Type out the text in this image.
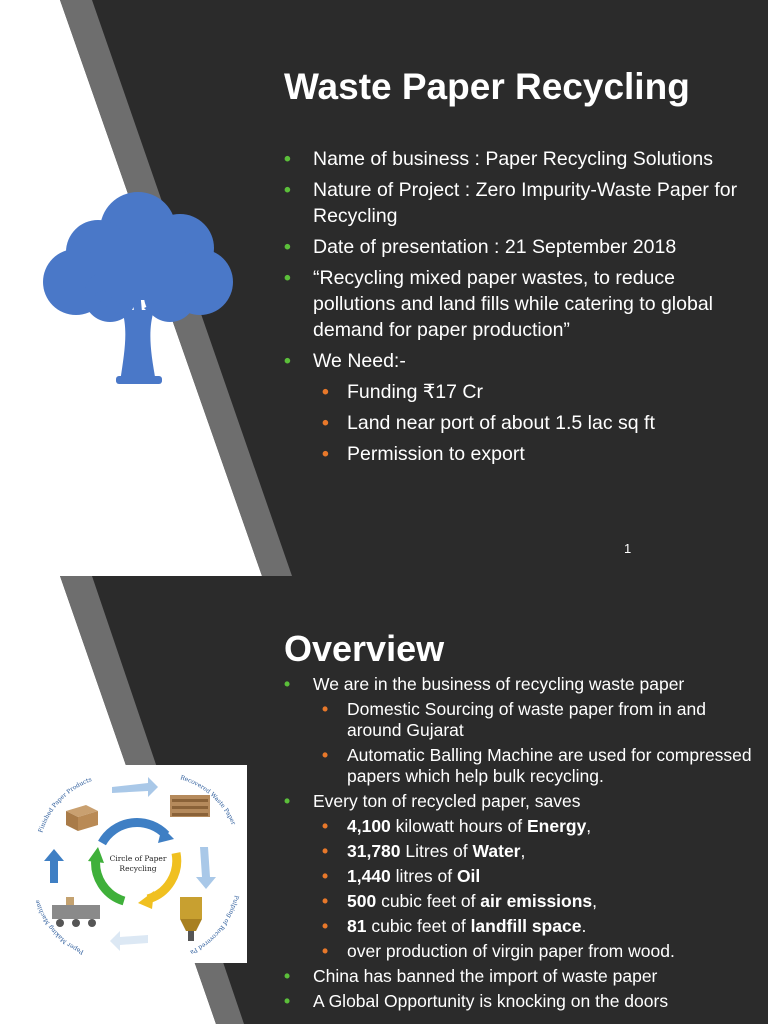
Waste Paper Recycling
• Name of business : Paper Recycling Solutions
• Nature of Project : Zero Impurity-Waste Paper for Recycling
• Date of presentation : 21 September 2018
• “Recycling mixed paper wastes, to reduce pollutions and land fills while catering to global demand for paper production”
• We Need:-
• Funding ₹17 Cr
• Land near port of about 1.5 lac sq ft
• Permission to export
1
Circle of Paper
Recycling
Finished Paper Products	Recovered Waste Paper
Pulping of Recovered Pa
Paper Making Machine
Overview
• We are in the business of recycling waste paper
• Domestic Sourcing of waste paper from in and around Gujarat
• Automatic Balling Machine are used for compressed papers which help bulk recycling.
• Every ton of recycled paper, saves
• 4,100 kilowatt hours of Energy,
• 31,780 Litres of Water,
• 1,440 litres of Oil
• 500 cubic feet of air emissions,
• 81 cubic feet of landfill space.
• over production of virgin paper from wood.
• China has banned the import of waste paper
• A Global Opportunity is knocking on the doors
